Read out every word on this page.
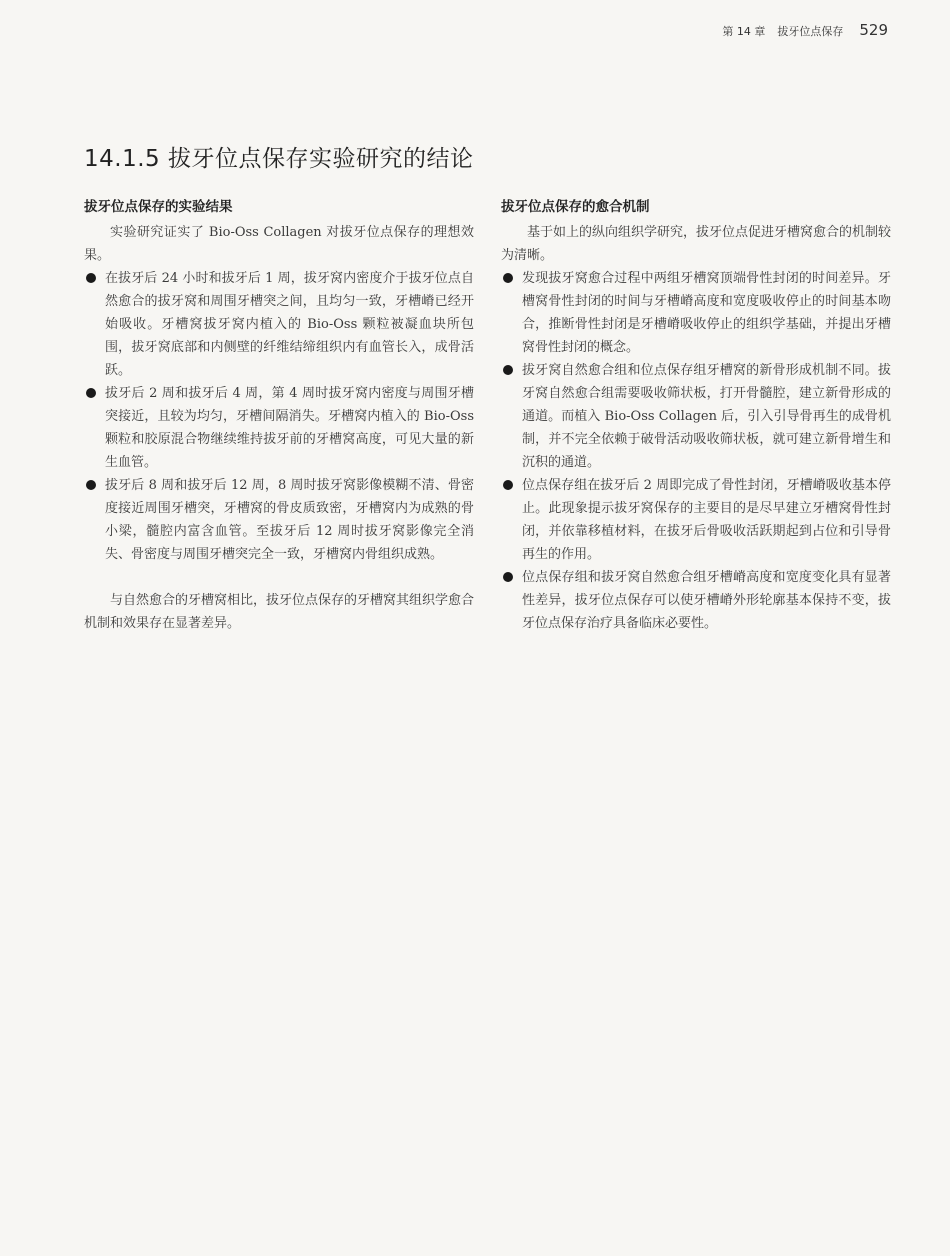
第 14 章 拔牙位点保存 529
14.1.5 拔牙位点保存实验研究的结论
拔牙位点保存的实验结果

实验研究证实了 Bio-Oss Collagen 对拔牙位点保存的理想效果。

在拔牙后 24 小时和拔牙后 1 周，拔牙窝内密度介于拔牙位点自然愈合的拔牙窝和周围牙槽突之间，且均匀一致，牙槽嵴已经开始吸收。牙槽窝拔牙窝内植入的 Bio-Oss 颗粒被凝血块所包围，拔牙窝底部和内侧壁的纤维结缔组织内有血管长入，成骨活跃。
拔牙后 2 周和拔牙后 4 周，第 4 周时拔牙窝内密度与周围牙槽突接近，且较为均匀，牙槽间隔消失。牙槽窝内植入的 Bio-Oss 颗粒和胶原混合物继续维持拔牙前的牙槽窝高度，可见大量的新生血管。
拔牙后 8 周和拔牙后 12 周，8 周时拔牙窝影像模糊不清、骨密度接近周围牙槽突，牙槽窝的骨皮质致密，牙槽窝内为成熟的骨小梁，髓腔内富含血管。至拔牙后 12 周时拔牙窝影像完全消失、骨密度与周围牙槽突完全一致，牙槽窝内骨组织成熟。

与自然愈合的牙槽窝相比，拔牙位点保存的牙槽窝其组织学愈合机制和效果存在显著差异。

拔牙位点保存的愈合机制

基于如上的纵向组织学研究，拔牙位点促进牙槽窝愈合的机制较为清晰。

发现拔牙窝愈合过程中两组牙槽窝顶端骨性封闭的时间差异。牙槽窝骨性封闭的时间与牙槽嵴高度和宽度吸收停止的时间基本吻合，推断骨性封闭是牙槽嵴吸收停止的组织学基础，并提出牙槽窝骨性封闭的概念。
拔牙窝自然愈合组和位点保存组牙槽窝的新骨形成机制不同。拔牙窝自然愈合组需要吸收筛状板，打开骨髓腔，建立新骨形成的通道。而植入 Bio-Oss Collagen 后，引入引导骨再生的成骨机制，并不完全依赖于破骨活动吸收筛状板，就可建立新骨增生和沉积的通道。
位点保存组在拔牙后 2 周即完成了骨性封闭，牙槽嵴吸收基本停止。此现象提示拔牙窝保存的主要目的是尽早建立牙槽窝骨性封闭，并依靠移植材料，在拔牙后骨吸收活跃期起到占位和引导骨再生的作用。
位点保存组和拔牙窝自然愈合组牙槽嵴高度和宽度变化具有显著性差异，拔牙位点保存可以使牙槽嵴外形轮廓基本保持不变，拔牙位点保存治疗具备临床必要性。
